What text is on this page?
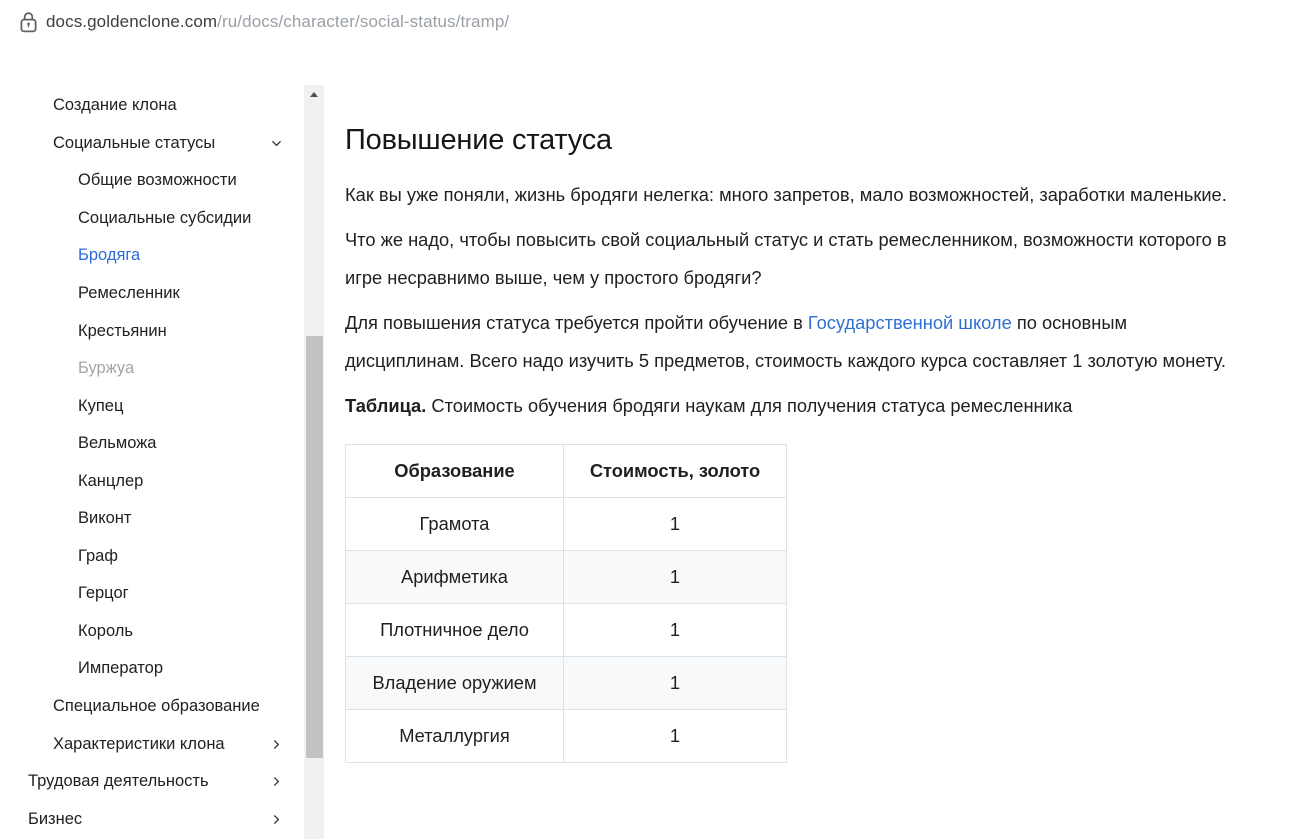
docs.goldenclone.com/ru/docs/character/social-status/tramp/
Создание клона
Социальные статусы
Общие возможности
Социальные субсидии
Бродяга
Ремесленник
Крестьянин
Буржуа
Купец
Вельможа
Канцлер
Виконт
Граф
Герцог
Король
Император
Специальное образование
Характеристики клона
Трудовая деятельность
Бизнес
Повышение статуса

Как вы уже поняли, жизнь бродяги нелегка: много запретов, мало возможностей, заработки маленькие.

Что же надо, чтобы повысить свой социальный статус и стать ремесленником, возможности которого в игре несравнимо выше, чем у простого бродяги?

Для повышения статуса требуется пройти обучение в Государственной школе по основным дисциплинам. Всего надо изучить 5 предметов, стоимость каждого курса составляет 1 золотую монету.

Таблица. Стоимость обучения бродяги наукам для получения статуса ремесленника

Образование	Стоимость, золото
Грамота	1
Арифметика	1
Плотничное дело	1
Владение оружием	1
Металлургия	1
